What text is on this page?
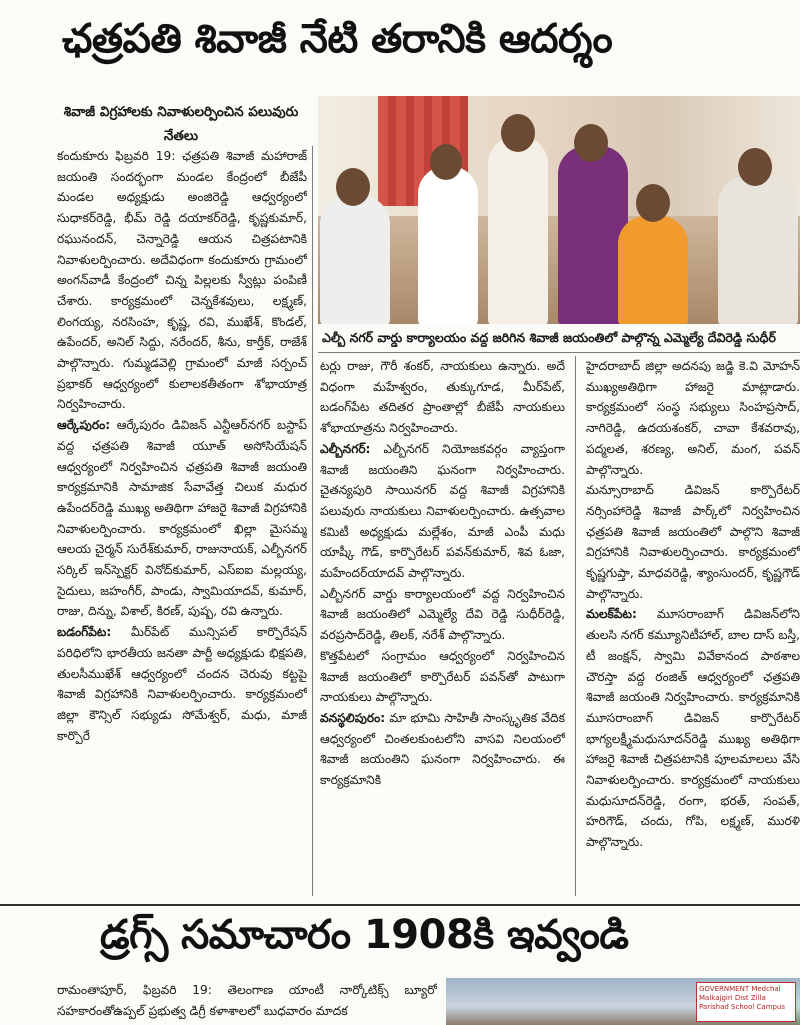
ఛత్రపతి శివాజీ నేటి తరానికి ఆదర్శం
శివాజీ విగ్రహాలకు నివాళులర్పించిన పలువురు నేతలు

కందుకూరు ఫిబ్రవరి 19: ఛత్రపతి శివాజీ మహారాజ్ జయంతి సందర్భంగా మండల కేంద్రంలో బీజేపీ మండల అధ్యక్షుడు అంజిరెడ్డి ఆధ్వర్యంలో సుధాకర్‌రెడ్డి, భీమ్ రెడ్డి దయాకర్‌రెడ్డి, కృష్ణకుమార్, రఘునందన్, చెన్నారెడ్డి ఆయన చిత్రపటానికి నివాళులర్పించారు. అదేవిధంగా కందుకూరు గ్రామంలో అంగన్‌వాడీ కేంద్రంలో చిన్న పిల్లలకు స్వీట్లు పంపిణీ చేశారు. కార్యక్రమంలో చెన్నకేశవులు, లక్ష్మణ్, లింగయ్య, నరసింహ, కృష్ణ, రవి, ముఖేశ్, కొండల్, ఉపేందర్, అనిల్ సిద్దు, నరేందర్, శీను, కార్తీక్, రాజేశ్ పాల్గొన్నారు. గుమ్మడవెల్లి గ్రామంలో మాజీ సర్పంచ్ ప్రభాకర్ ఆధ్వర్యంలో కులాలకతీతంగా శోభాయాత్ర నిర్వహించారు.

ఆర్కేపురం: ఆర్కేపురం డివిజన్ ఎన్టీఆర్‌నగర్ బస్టాప్ వద్ద ఛత్రపతి శివాజీ యూత్ అసోసియేషన్ ఆధ్వర్యంలో నిర్వహించిన ఛత్రపతి శివాజీ జయంతి కార్యక్రమానికి సామాజిక సేవావేత్త చిలుక మధుర ఉపేందర్‌రెడ్డి ముఖ్య అతిథిగా హాజరై శివాజీ విగ్రహానికి నివాళులర్పించారు. కార్యక్రమంలో ఖిల్లా మైసమ్మ ఆలయ చైర్మన్ సురేశ్‌కుమార్, రాజునాయక్, ఎల్బీనగర్ సర్కిల్ ఇన్‌స్పెక్టర్ వినోద్‌కుమార్, ఎస్ఐఐ మల్లయ్య, సైదులు, జహంగీర్, పాండు, స్వామియాదవ్, కుమార్, రాజు, దిన్ను, విశాల్, కిరణ్, పుష్ప, రవి ఉన్నారు.

బడంగ్‌పేట: మీర్‌పేట్ మున్సిపల్ కార్పొరేషన్ పరిధిలోని భారతీయ జనతా పార్టీ అధ్యక్షుడు భిక్షపతి, తులసీముఖేశ్ ఆధ్వర్యంలో చందన చెరువు కట్టపై శివాజీ విగ్రహానికి నివాళులర్పించారు. కార్యక్రమంలో జిల్లా కౌన్సిల్ సభ్యుడు సోమేశ్వర్, మధు, మాజీ కార్పొరే

ఎల్బీ నగర్ వార్డు కార్యాలయం వద్ద జరిగిన శివాజీ జయంతిలో పాల్గొన్న ఎమ్మెల్యే దేవిరెడ్డి సుధీర్

టర్లు రాజు, గౌరీ శంకర్, నాయకులు ఉన్నారు. అదే విధంగా మహేశ్వరం, తుక్కుగూడ, మీర్‌పేట్, బడంగ్‌పేట తదితర ప్రాంతాల్లో బీజేపీ నాయకులు శోభాయాత్రను నిర్వహించారు.

ఎల్బీనగర్: ఎల్బీనగర్ నియోజకవర్గం వ్యాప్తంగా శివాజీ జయంతిని ఘనంగా నిర్వహించారు. చైతన్యపురి సాయినగర్ వద్ద శివాజీ విగ్రహానికి పలువురు నాయకులు నివాళులర్పించారు. ఉత్సవాల కమిటీ అధ్యక్షుడు మల్లేశం, మాజీ ఎంపీ మధు యాష్కీ గౌడ్, కార్పొరేటర్ పవన్‌కుమార్, శివ ఓజా, మహేందర్‌యాదవ్ పాల్గొన్నారు.

ఎల్బీనగర్ వార్డు కార్యాలయంలో వద్ద నిర్వహించిన శివాజీ జయంతిలో ఎమ్మెల్యే దేవి రెడ్డి సుధీర్‌రెడ్డి, వరప్రసాద్‌రెడ్డి, తిలక్, నరేశ్ పాల్గొన్నారు.

కొత్తపేటలో సంగ్రామం ఆధ్వర్యంలో నిర్వహించిన శివాజీ జయంతిలో కార్పొరేటర్ పవన్‌తో పాటుగా నాయకులు పాల్గొన్నారు.

వనస్థలిపురం: మా భూమి సాహితీ సాంస్కృతిక వేదిక ఆధ్వర్యంలో చింతలకుంటలోని వాసవి నిలయంలో శివాజీ జయంతిని ఘనంగా నిర్వహించారు. ఈ కార్యక్రమానికి

హైదరాబాద్ జిల్లా అదనపు జడ్జి కె.వి మోహన్ ముఖ్యఅతిథిగా హాజరై మాట్లాడారు. కార్యక్రమంలో సంస్థ సభ్యులు సింహప్రసాద్, నాగిరెడ్డి, ఉదయశంకర్, చావా కేశవరావు, పద్మలత, శరణ్య, అనిల్, మంగ, పవన్ పాల్గొన్నారు.

మన్సూరాబాద్ డివిజన్ కార్పొరేటర్ నర్సింహారెడ్డి శివాజీ పార్క్‌లో నిర్వహించిన ఛత్రపతి శివాజీ జయంతిలో పాల్గొని శివాజీ విగ్రహానికి నివాళులర్పించారు. కార్యక్రమంలో కృష్ణగుప్తా, మాధవరెడ్డి, శ్యాంసుందర్, కృష్ణగౌడ్ పాల్గొన్నారు.

మలక్‌పేట: మూసరాంబాగ్ డివిజన్‌లోని తులసి నగర్ కమ్యూనిటీహాల్, బాల దాస్ బస్తీ, టీ జంక్షన్, స్వామి వివేకానంద పాఠశాల చౌరస్తా వద్ద రంజిత్ ఆధ్వర్యంలో ఛత్రపతి శివాజీ జయంతి నిర్వహించారు. కార్యక్రమానికి మూసరాంబాగ్ డివిజన్ కార్పొరేటర్ భాగ్యలక్ష్మీమధుసూదన్‌రెడ్డి ముఖ్య అతిథిగా హాజరై శివాజీ చిత్రపటానికి పూలమాలలు వేసి నివాళులర్పించారు. కార్యక్రమంలో నాయకులు మధుసూదన్‌రెడ్డి, రంగా, భరత్, సంపత్, హరిగౌడ్, చందు, గోపి, లక్ష్మణ్, మురళి పాల్గొన్నారు.

డ్రగ్స్ సమాచారం 1908కి ఇవ్వండి

రామంతాపూర్, ఫిబ్రవరి 19: తెలంగాణ యాంటీ నార్కోటిక్స్ బ్యూరో సహకారంతోఉప్పల్ ప్రభుత్వ డిగ్రీ కళాశాలలో బుధవారం మాదక

GOVERNMENT Medchal Malkajgiri Dist Zilla Parishad School Campus
